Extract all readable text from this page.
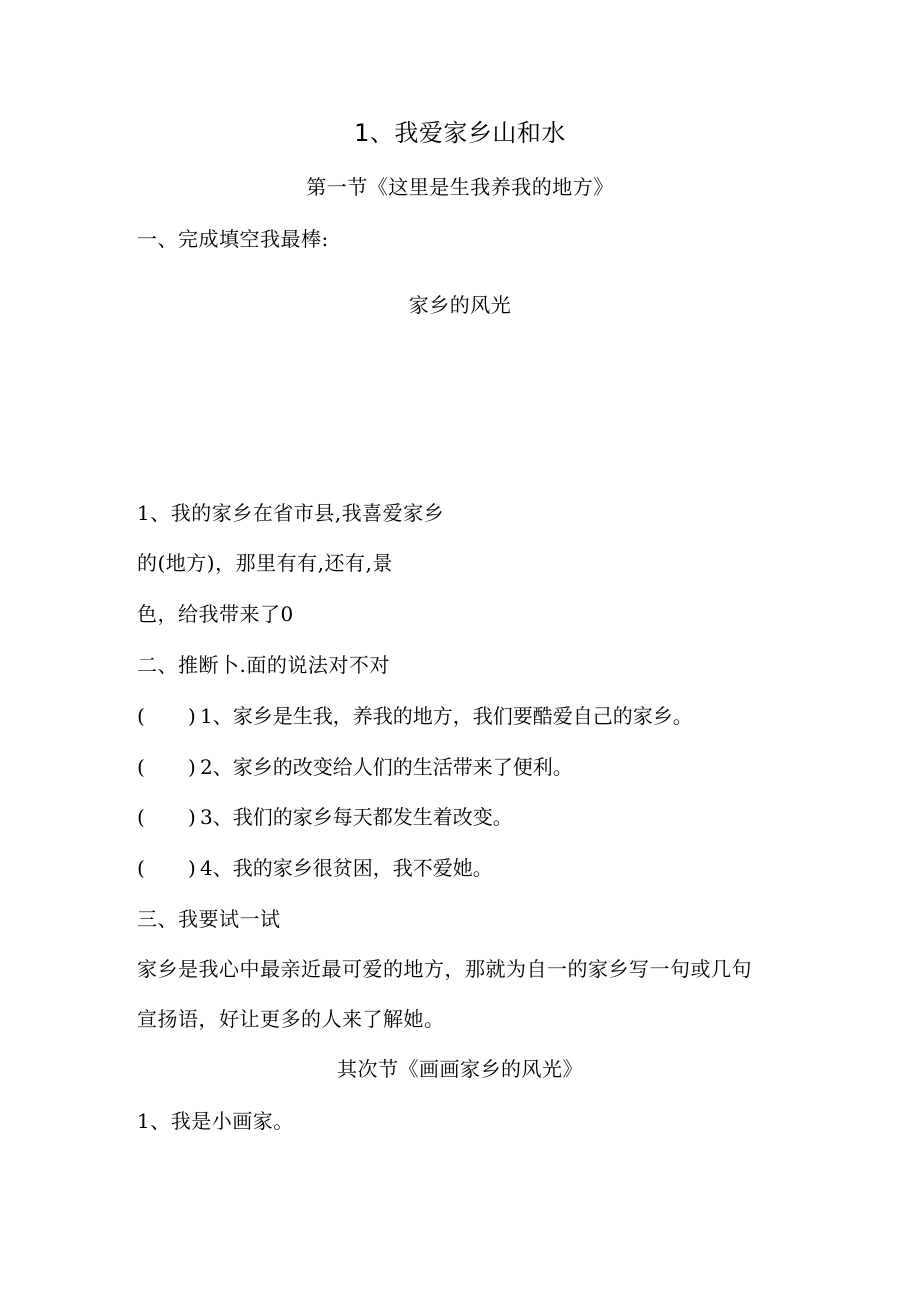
1、我爱家乡山和水
第一节《这里是生我养我的地方》
一、完成填空我最棒:
家乡的风光
1、我的家乡在省市县,我喜爱家乡
的(地方)，那里有有,还有,景
色，给我带来了0
二、推断卜.面的说法对不对
( ) 1、家乡是生我，养我的地方，我们要酷爱自己的家乡。
( ) 2、家乡的改变给人们的生活带来了便利。
( ) 3、我们的家乡每天都发生着改变。
( ) 4、我的家乡很贫困，我不爱她。
三、我要试一试
家乡是我心中最亲近最可爱的地方，那就为自一的家乡写一句或几句
宣扬语，好让更多的人来了解她。
其次节《画画家乡的风光》
1、我是小画家。
